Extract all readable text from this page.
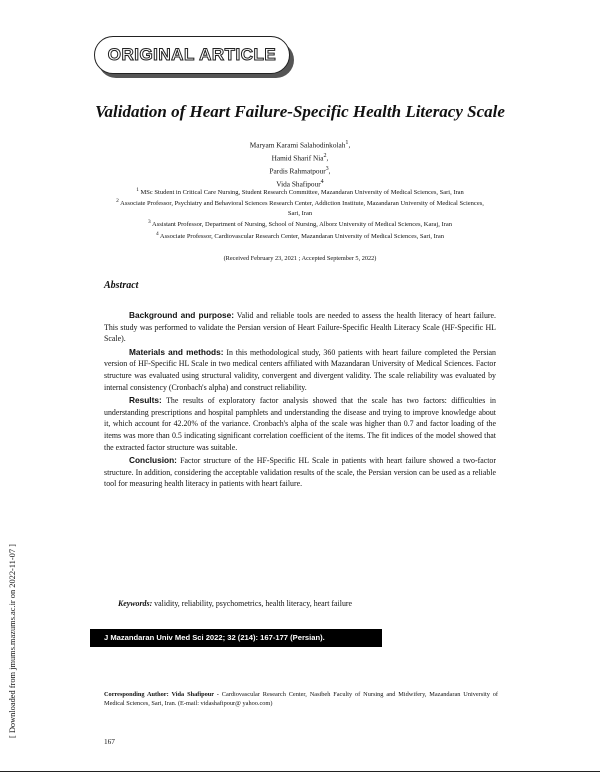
ORIGINAL ARTICLE
Validation of Heart Failure-Specific Health Literacy Scale
Maryam Karami Salahodinkolah$^1$,
Hamid Sharif Nia$^2$,
Pardis Rahmatpour$^3$,
Vida Shafipour$^4$
$^1$ MSc Student in Critical Care Nursing, Student Research Committee, Mazandaran University of Medical Sciences, Sari, Iran
$^2$ Associate Professor, Psychiatry and Behavioral Sciences Research Center, Addiction Institute, Mazandaran University of Medical Sciences, Sari, Iran
$^3$ Assistant Professor, Department of Nursing, School of Nursing, Alborz University of Medical Sciences, Karaj, Iran
$^4$ Associate Professor, Cardiovascular Research Center, Mazandaran University of Medical Sciences, Sari, Iran
(Received February 23, 2021 ; Accepted September 5, 2022)
Abstract

Background and purpose: Valid and reliable tools are needed to assess the health literacy of heart failure. This study was performed to validate the Persian version of Heart Failure-Specific Health Literacy Scale (HF-Specific HL Scale).

Materials and methods: In this methodological study, 360 patients with heart failure completed the Persian version of HF-Specific HL Scale in two medical centers affiliated with Mazandaran University of Medical Sciences. Factor structure was evaluated using structural validity, convergent and divergent validity. The scale reliability was evaluated by internal consistency (Cronbach's alpha) and construct reliability.

Results: The results of exploratory factor analysis showed that the scale has two factors: difficulties in understanding prescriptions and hospital pamphlets and understanding the disease and trying to improve knowledge about it, which account for 42.20% of the variance. Cronbach's alpha of the scale was higher than 0.7 and factor loading of the items was more than 0.5 indicating significant correlation coefficient of the items. The fit indices of the model showed that the extracted factor structure was suitable.

Conclusion: Factor structure of the HF-Specific HL Scale in patients with heart failure showed a two-factor structure. In addition, considering the acceptable validation results of the scale, the Persian version can be used as a reliable tool for measuring health literacy in patients with heart failure.

Keywords: validity, reliability, psychometrics, health literacy, heart failure
J Mazandaran Univ Med Sci 2022; 32 (214): 167-177 (Persian).
Corresponding Author: Vida Shafipour - Cardiovascular Research Center, Nasibeh Faculty of Nursing and Midwifery, Mazandaran University of Medical Sciences, Sari, Iran. (E-mail: vidashafipour@ yahoo.com)
167
[ Downloaded from jmums.mazums.ac.ir on 2022-11-07 ]
